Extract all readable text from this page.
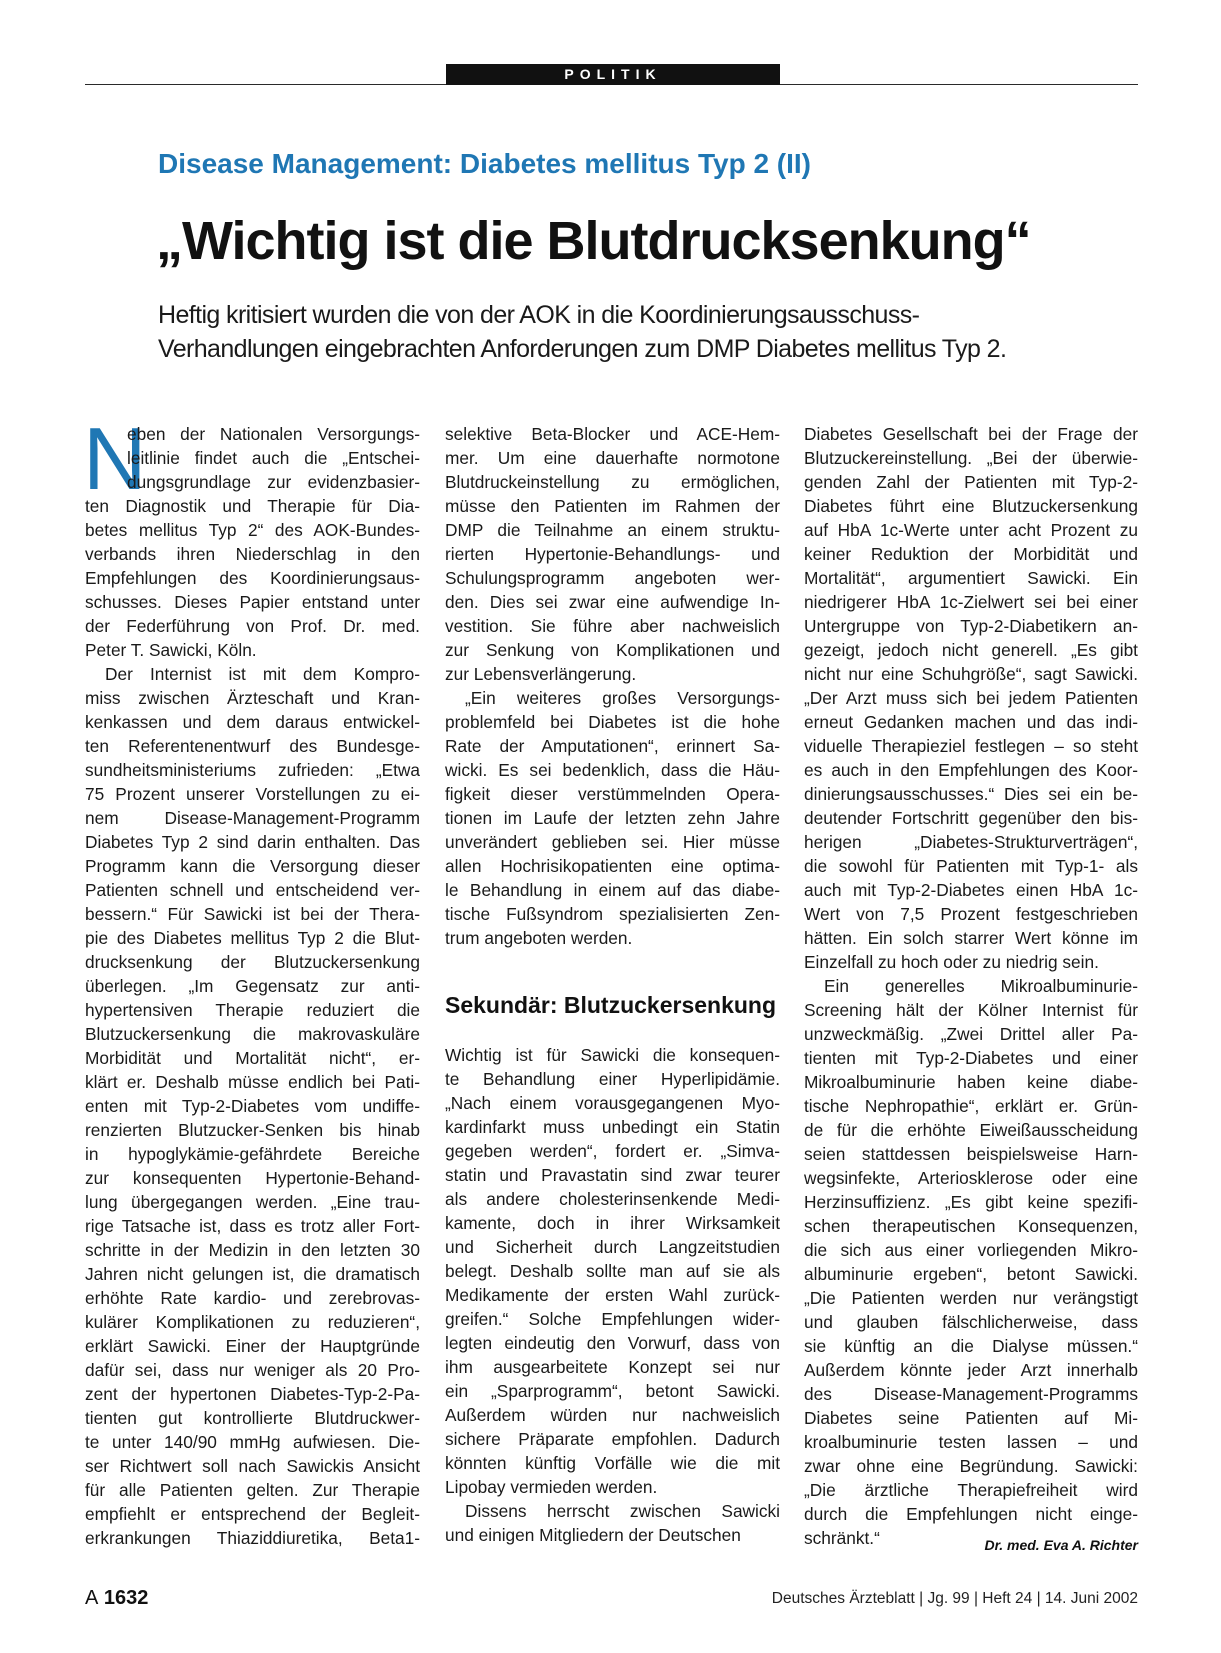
POLITIK
Disease Management: Diabetes mellitus Typ 2 (II)
„Wichtig ist die Blutdrucksenkung“
Heftig kritisiert wurden die von der AOK in die Koordinierungsausschuss-
Verhandlungen eingebrachten Anforderungen zum DMP Diabetes mellitus Typ 2.
N
eben der Nationalen Versorgungs-
leitlinie findet auch die „Entschei-
dungsgrundlage zur evidenzbasier-
ten Diagnostik und Therapie für Dia-
betes mellitus Typ 2“ des AOK-Bundes-
verbands ihren Niederschlag in den
Empfehlungen des Koordinierungsaus-
schusses. Dieses Papier entstand unter
der Federführung von Prof. Dr. med.
Peter T. Sawicki, Köln.
Der Internist ist mit dem Kompro-
miss zwischen Ärzteschaft und Kran-
kenkassen und dem daraus entwickel-
ten Referentenentwurf des Bundesge-
sundheitsministeriums zufrieden: „Etwa
75 Prozent unserer Vorstellungen zu ei-
nem Disease-Management-Programm
Diabetes Typ 2 sind darin enthalten. Das
Programm kann die Versorgung dieser
Patienten schnell und entscheidend ver-
bessern.“ Für Sawicki ist bei der Thera-
pie des Diabetes mellitus Typ 2 die Blut-
drucksenkung der Blutzuckersenkung
überlegen. „Im Gegensatz zur anti-
hypertensiven Therapie reduziert die
Blutzuckersenkung die makrovaskuläre
Morbidität und Mortalität nicht“, er-
klärt er. Deshalb müsse endlich bei Pati-
enten mit Typ-2-Diabetes vom undiffe-
renzierten Blutzucker-Senken bis hinab
in hypoglykämie-gefährdete Bereiche
zur konsequenten Hypertonie-Behand-
lung übergegangen werden. „Eine trau-
rige Tatsache ist, dass es trotz aller Fort-
schritte in der Medizin in den letzten 30
Jahren nicht gelungen ist, die dramatisch
erhöhte Rate kardio- und zerebrovas-
kulärer Komplikationen zu reduzieren“,
erklärt Sawicki. Einer der Hauptgründe
dafür sei, dass nur weniger als 20 Pro-
zent der hypertonen Diabetes-Typ-2-Pa-
tienten gut kontrollierte Blutdruckwer-
te unter 140/90 mmHg aufwiesen. Die-
ser Richtwert soll nach Sawickis Ansicht
für alle Patienten gelten. Zur Therapie
empfiehlt er entsprechend der Begleit-
erkrankungen Thiaziddiuretika, Beta1-
selektive Beta-Blocker und ACE-Hem-
mer. Um eine dauerhafte normotone
Blutdruckeinstellung zu ermöglichen,
müsse den Patienten im Rahmen der
DMP die Teilnahme an einem struktu-
rierten Hypertonie-Behandlungs- und
Schulungsprogramm angeboten wer-
den. Dies sei zwar eine aufwendige In-
vestition. Sie führe aber nachweislich
zur Senkung von Komplikationen und
zur Lebensverlängerung.
„Ein weiteres großes Versorgungs-
problemfeld bei Diabetes ist die hohe
Rate der Amputationen“, erinnert Sa-
wicki. Es sei bedenklich, dass die Häu-
figkeit dieser verstümmelnden Opera-
tionen im Laufe der letzten zehn Jahre
unverändert geblieben sei. Hier müsse
allen Hochrisikopatienten eine optima-
le Behandlung in einem auf das diabe-
tische Fußsyndrom spezialisierten Zen-
trum angeboten werden.
Sekundär: Blutzuckersenkung
Wichtig ist für Sawicki die konsequen-
te Behandlung einer Hyperlipidämie.
„Nach einem vorausgegangenen Myo-
kardinfarkt muss unbedingt ein Statin
gegeben werden“, fordert er. „Simva-
statin und Pravastatin sind zwar teurer
als andere cholesterinsenkende Medi-
kamente, doch in ihrer Wirksamkeit
und Sicherheit durch Langzeitstudien
belegt. Deshalb sollte man auf sie als
Medikamente der ersten Wahl zurück-
greifen.“ Solche Empfehlungen wider-
legten eindeutig den Vorwurf, dass von
ihm ausgearbeitete Konzept sei nur
ein „Sparprogramm“, betont Sawicki.
Außerdem würden nur nachweislich
sichere Präparate empfohlen. Dadurch
könnten künftig Vorfälle wie die mit
Lipobay vermieden werden.
Dissens herrscht zwischen Sawicki
und einigen Mitgliedern der Deutschen
Diabetes Gesellschaft bei der Frage der
Blutzuckereinstellung. „Bei der überwie-
genden Zahl der Patienten mit Typ-2-
Diabetes führt eine Blutzuckersenkung
auf HbA 1c-Werte unter acht Prozent zu
keiner Reduktion der Morbidität und
Mortalität“, argumentiert Sawicki. Ein
niedrigerer HbA 1c-Zielwert sei bei einer
Untergruppe von Typ-2-Diabetikern an-
gezeigt, jedoch nicht generell. „Es gibt
nicht nur eine Schuhgröße“, sagt Sawicki.
„Der Arzt muss sich bei jedem Patienten
erneut Gedanken machen und das indi-
viduelle Therapieziel festlegen – so steht
es auch in den Empfehlungen des Koor-
dinierungsausschusses.“ Dies sei ein be-
deutender Fortschritt gegenüber den bis-
herigen „Diabetes-Strukturverträgen“,
die sowohl für Patienten mit Typ-1- als
auch mit Typ-2-Diabetes einen HbA 1c-
Wert von 7,5 Prozent festgeschrieben
hätten. Ein solch starrer Wert könne im
Einzelfall zu hoch oder zu niedrig sein.
Ein generelles Mikroalbuminurie-
Screening hält der Kölner Internist für
unzweckmäßig. „Zwei Drittel aller Pa-
tienten mit Typ-2-Diabetes und einer
Mikroalbuminurie haben keine diabe-
tische Nephropathie“, erklärt er. Grün-
de für die erhöhte Eiweißausscheidung
seien stattdessen beispielsweise Harn-
wegsinfekte, Arteriosklerose oder eine
Herzinsuffizienz. „Es gibt keine spezifi-
schen therapeutischen Konsequenzen,
die sich aus einer vorliegenden Mikro-
albuminurie ergeben“, betont Sawicki.
„Die Patienten werden nur verängstigt
und glauben fälschlicherweise, dass
sie künftig an die Dialyse müssen.“
Außerdem könnte jeder Arzt innerhalb
des Disease-Management-Programms
Diabetes seine Patienten auf Mi-
kroalbuminurie testen lassen – und
zwar ohne eine Begründung. Sawicki:
„Die ärztliche Therapiefreiheit wird
durch die Empfehlungen nicht einge-
schränkt.“	Dr. med. Eva A. Richter
A 1632	Deutsches Ärzteblatt | Jg. 99 | Heft 24 | 14. Juni 2002
